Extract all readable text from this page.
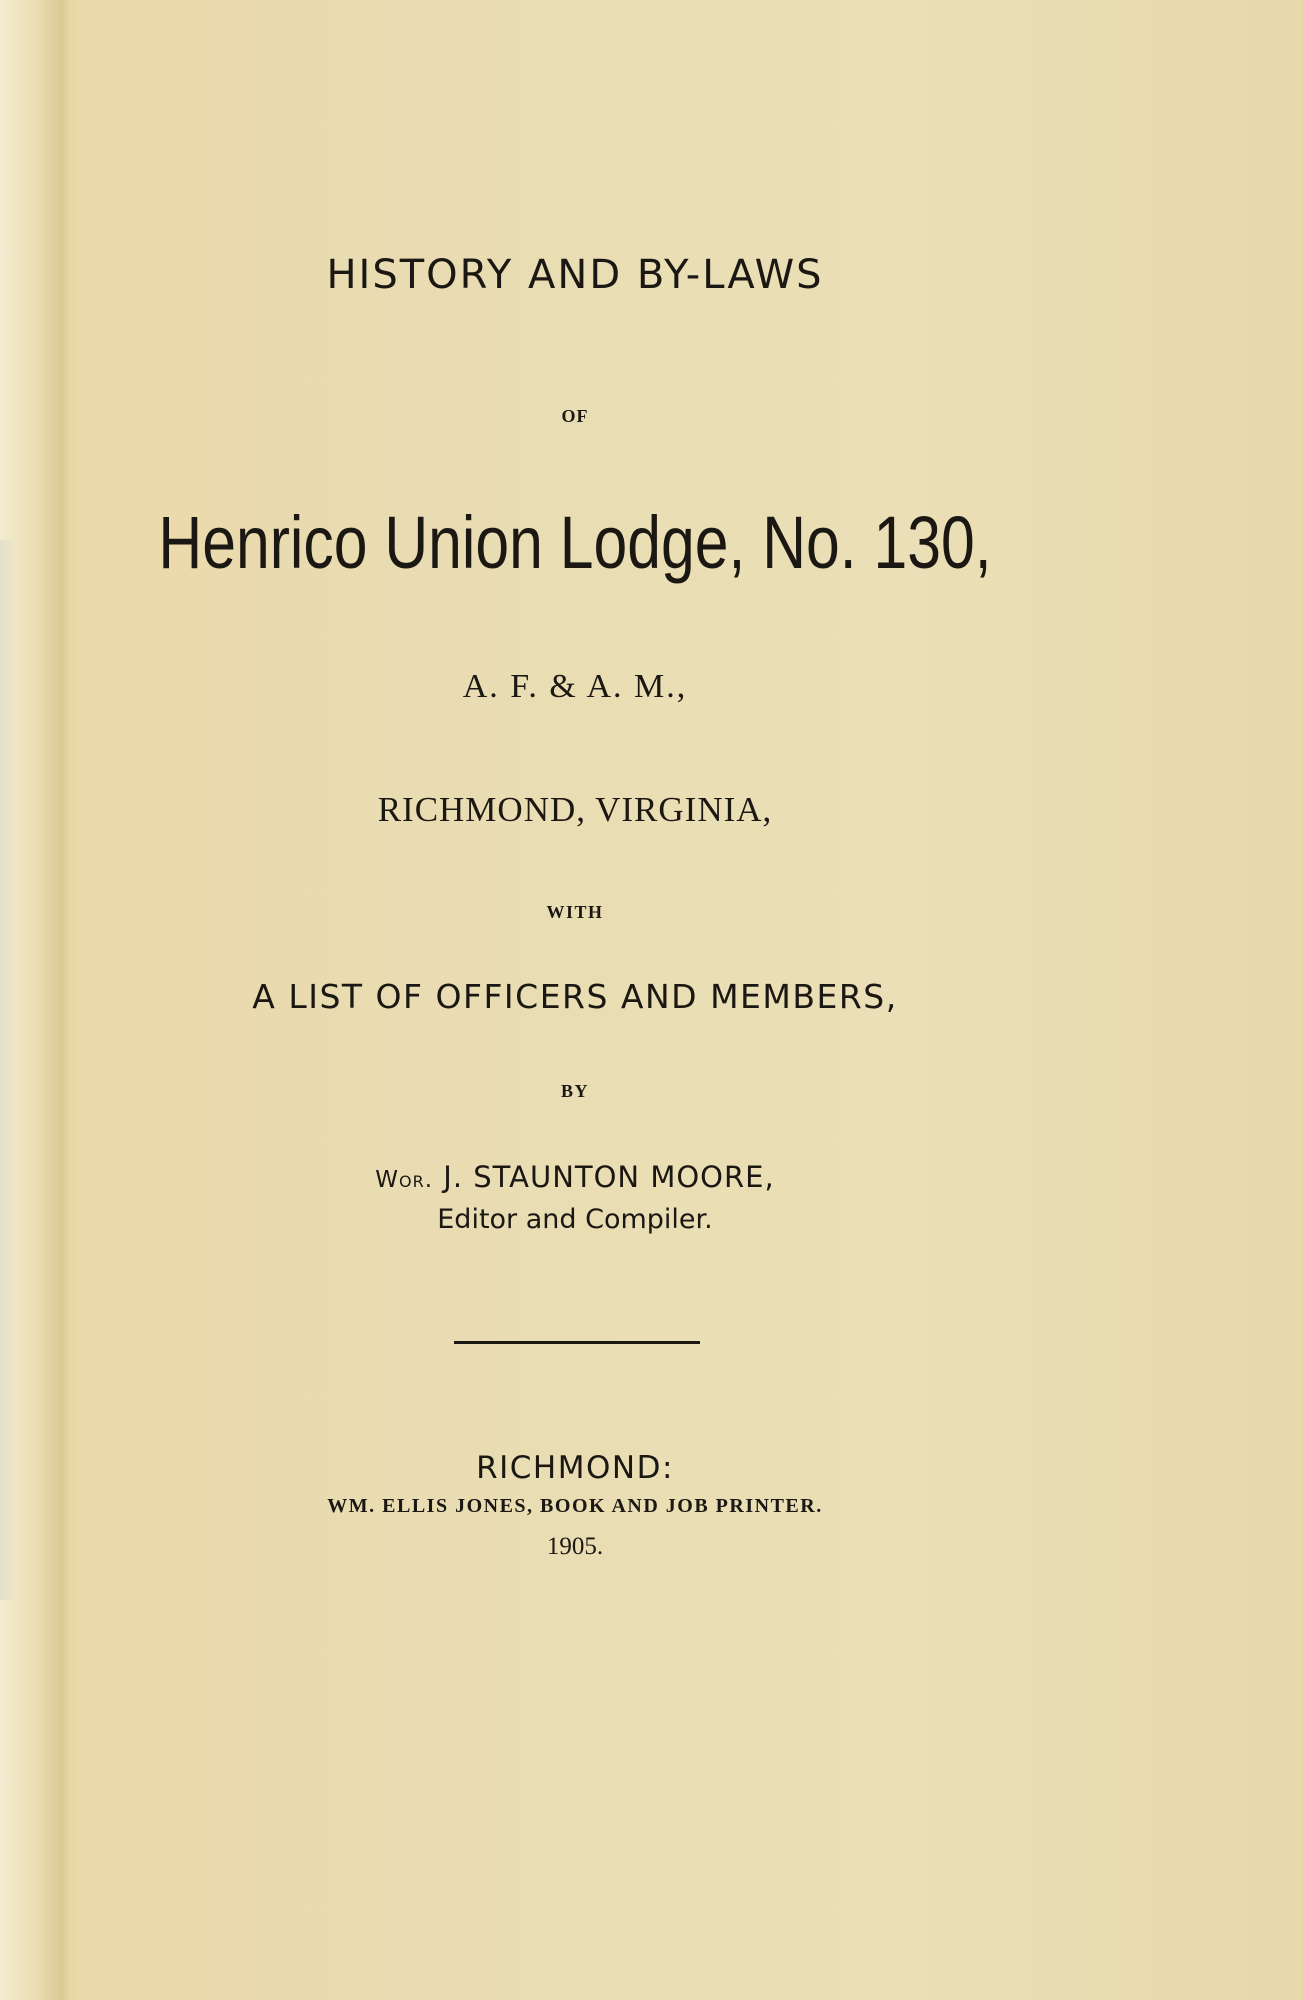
HISTORY AND BY-LAWS
OF
Henrico Union Lodge, No. 130,
A. F. & A. M.,
RICHMOND, VIRGINIA,
WITH
A LIST OF OFFICERS AND MEMBERS,
BY
Wor. J. STAUNTON MOORE,
Editor and Compiler.
RICHMOND:
WM. ELLIS JONES, BOOK AND JOB PRINTER.
1905.
